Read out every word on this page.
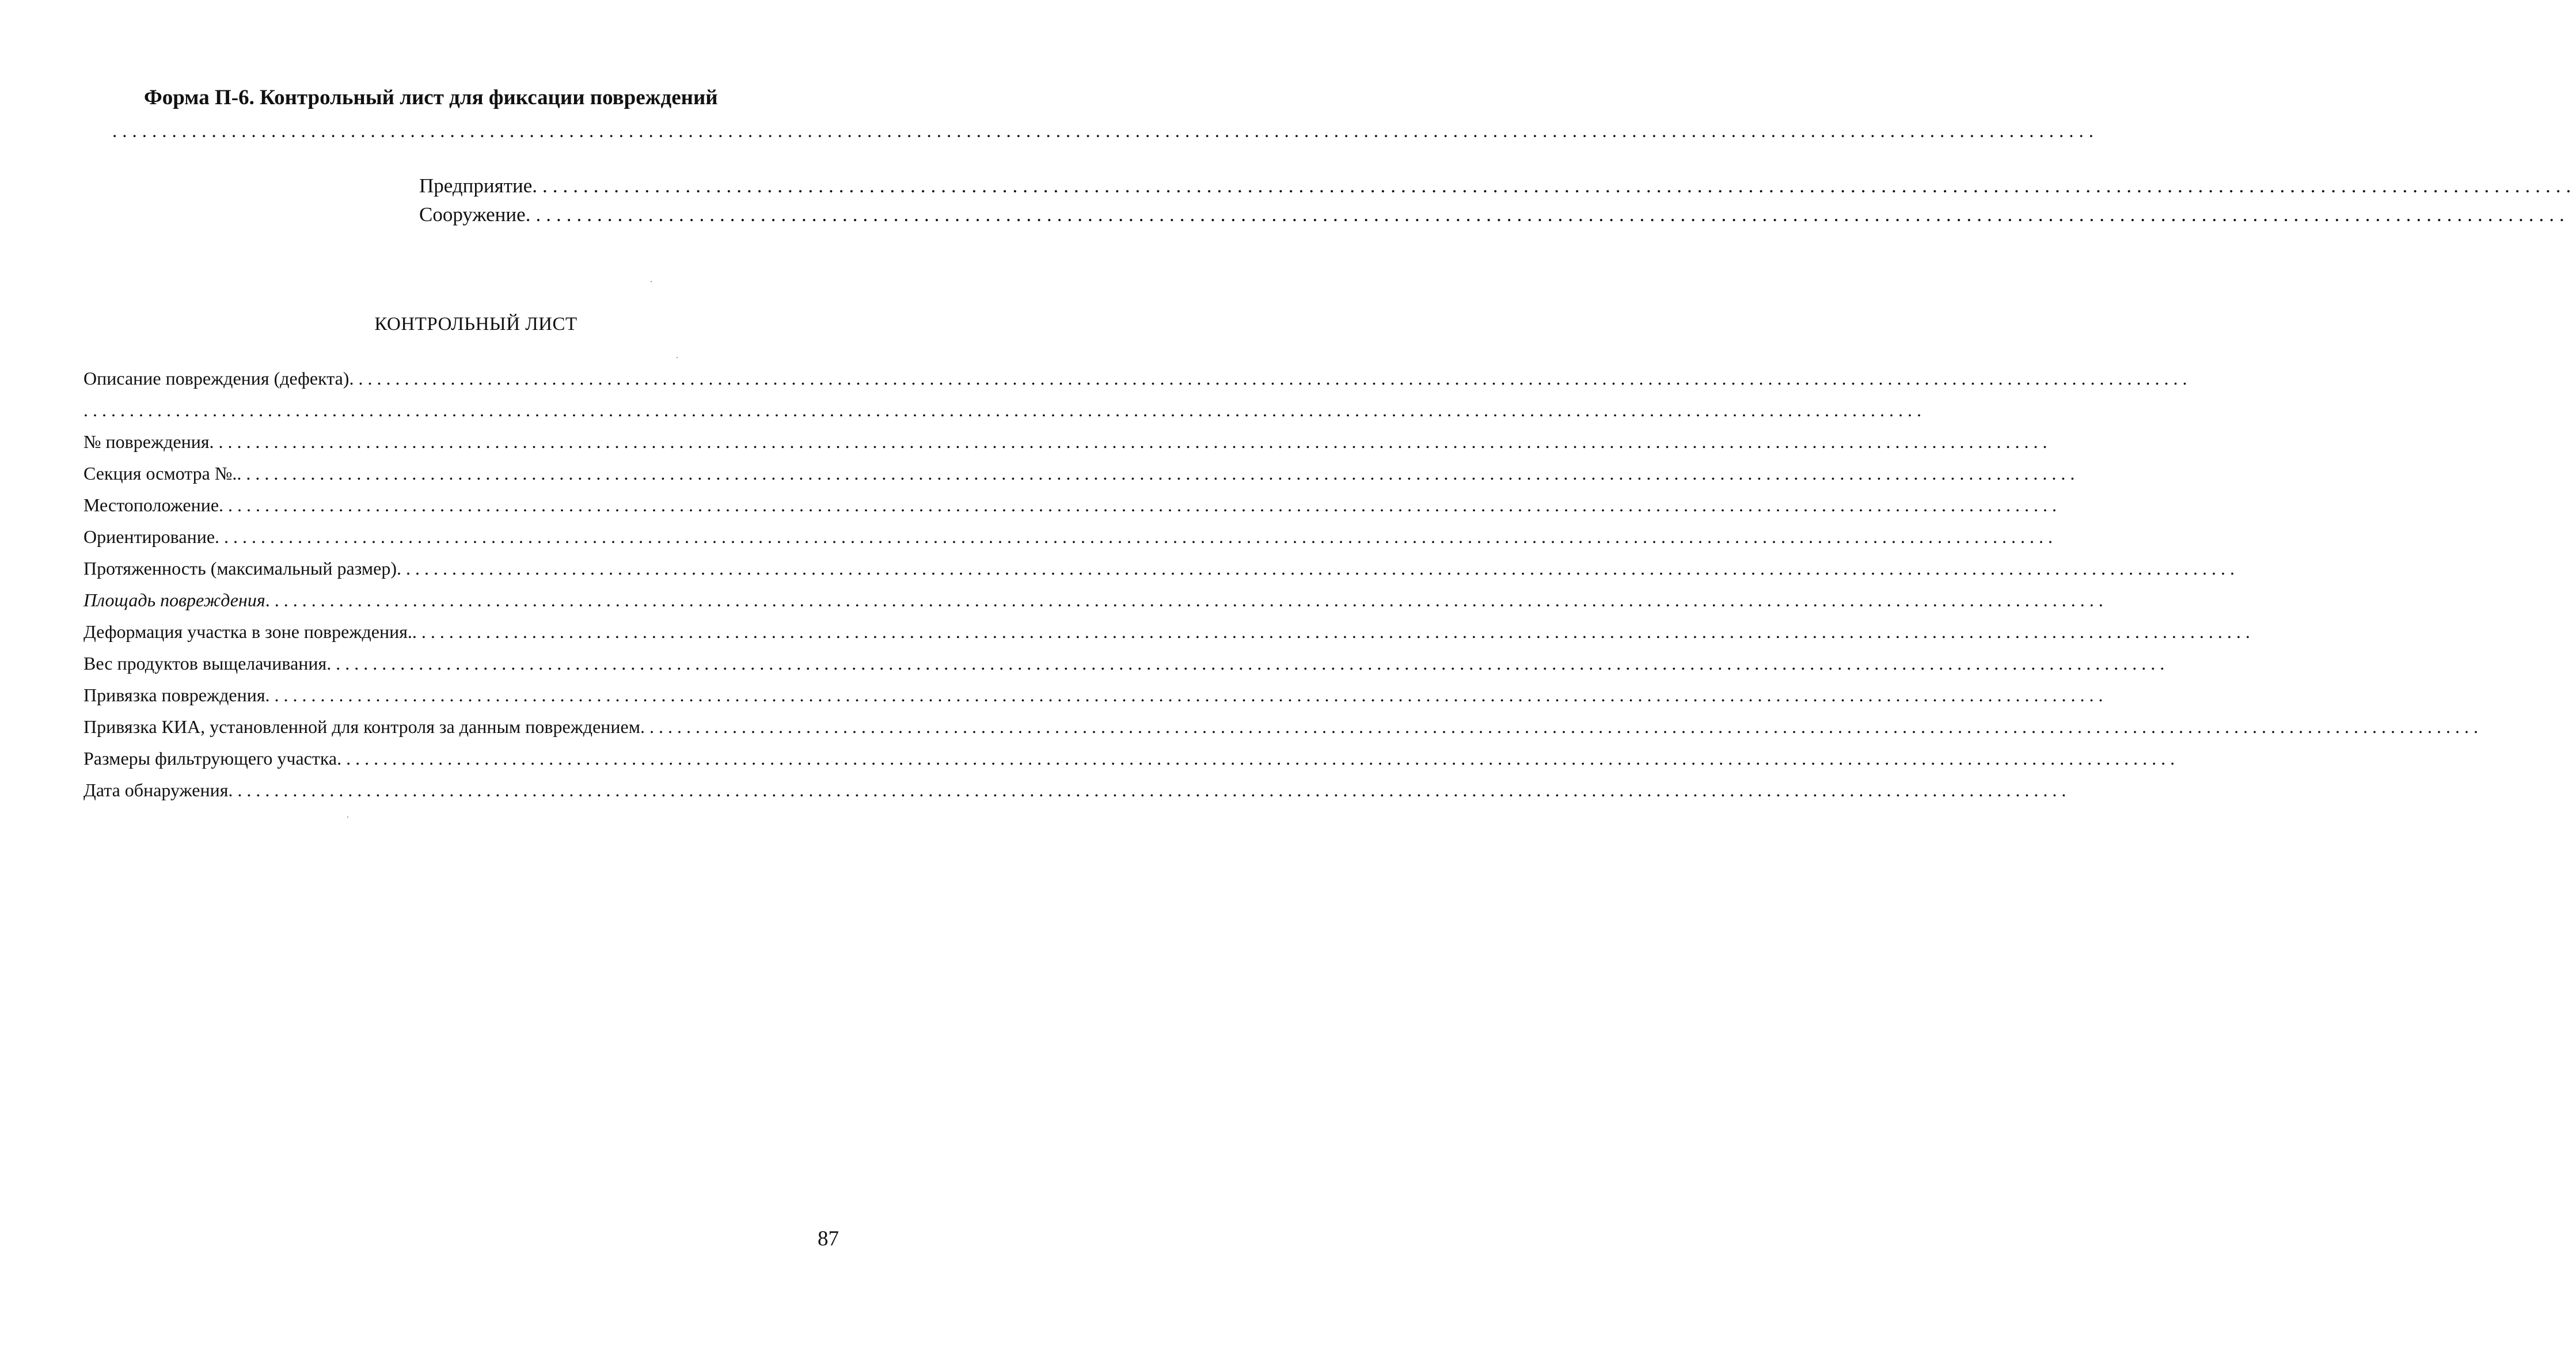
Форма П-6. Контрольный лист для фиксации повреждений
........................................................................................................................................................................................................
Предприятие ........................................................................................................................................................................................................
Сооружение ........................................................................................................................................................................................................
КОНТРОЛЬНЫЙ ЛИСТ
Описание повреждения (дефекта) ........................................................................................................................................................................................................
........................................................................................................................................................................................................
№ повреждения ........................................................................................................................................................................................................
Секция осмотра №. ........................................................................................................................................................................................................
Местоположение ........................................................................................................................................................................................................
Ориентирование ........................................................................................................................................................................................................
Протяженность (максимальный размер) ........................................................................................................................................................................................................
Площадь повреждения ........................................................................................................................................................................................................
Деформация участка в зоне повреждения. ........................................................................................................................................................................................................
Вес продуктов выщелачивания ........................................................................................................................................................................................................
Привязка повреждения ........................................................................................................................................................................................................
Привязка КИА, установленной для контроля за данным повреждением ........................................................................................................................................................................................................
Размеры фильтрующего участка ........................................................................................................................................................................................................
Дата обнаружения ........................................................................................................................................................................................................
87
